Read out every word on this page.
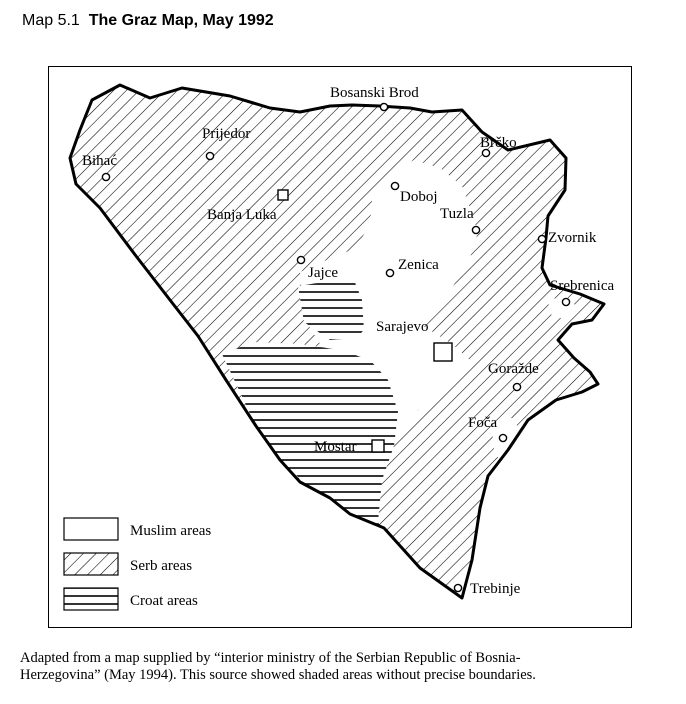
Map 5.1 The Graz Map, May 1992
Bosanski Brod
Brčko
Prijedor
Bihać
Doboj
Banja Luka	Tuzla
Zvornik
Jajce	Zenica
Srebrenica
Sarajevo
Goražde
Foča
Mostar
Trebinje
Muslim areas
Serb areas
Croat areas
Adapted from a map supplied by “interior ministry of the Serbian Republic of Bosnia-
Herzegovina” (May 1994). This source showed shaded areas without precise boundaries.
